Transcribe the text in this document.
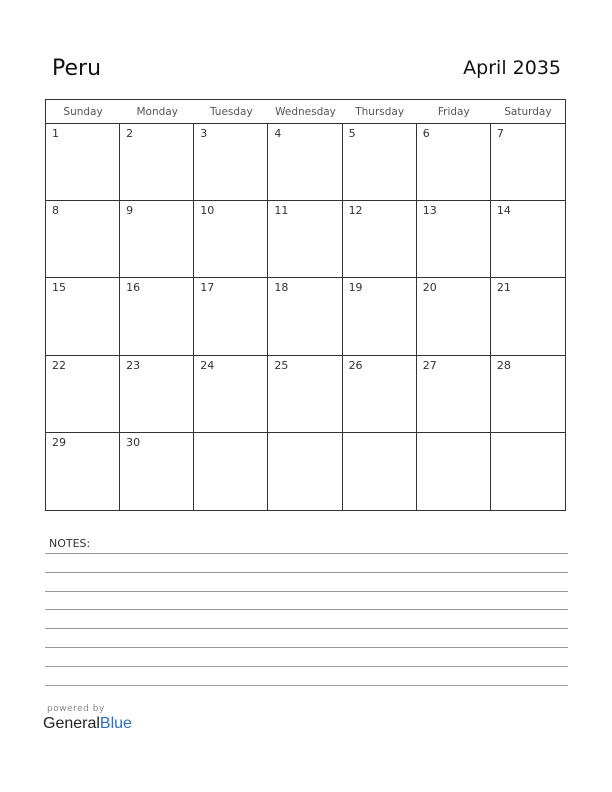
Peru	April 2035
Sunday	Monday	Tuesday	Wednesday	Thursday	Friday	Saturday
1	2	3	4	5	6	7
8	9	10	11	12	13	14
15	16	17	18	19	20	21
22	23	24	25	26	27	28
29	30
NOTES:
powered by
GeneralBlue
